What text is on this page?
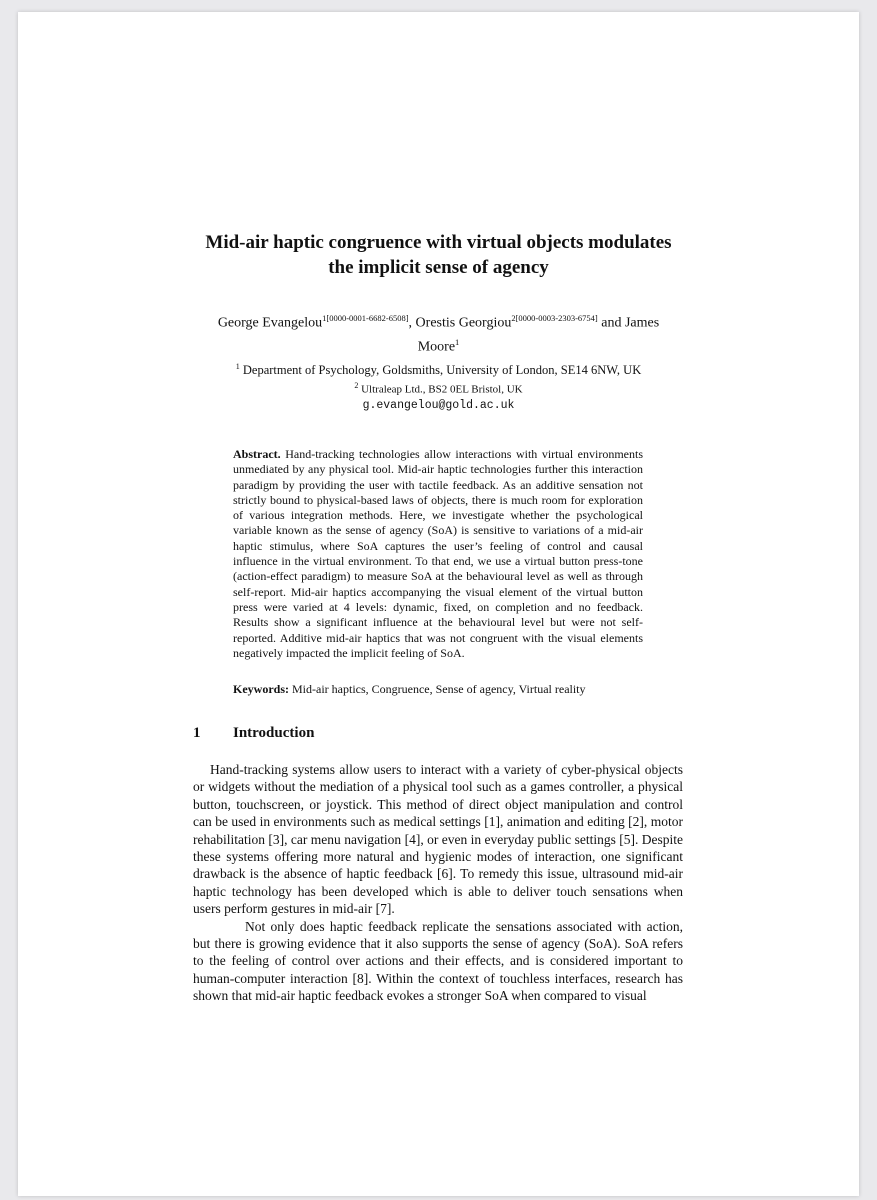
Mid-air haptic congruence with virtual objects modulates
the implicit sense of agency
George Evangelou$^{1[0000-0001-6682-6508]}$, Orestis Georgiou$^{2[0000-0003-2303-6754]}$ and James
Moore$^1$
$^1$ Department of Psychology, Goldsmiths, University of London, SE14 6NW, UK
$^2$ Ultraleap Ltd., BS2 0EL Bristol, UK
g.evangelou@gold.ac.uk
Abstract. Hand-tracking technologies allow interactions with virtual environments unmediated by any physical tool. Mid-air haptic technologies further this interaction paradigm by providing the user with tactile feedback. As an additive sensation not strictly bound to physical-based laws of objects, there is much room for exploration of various integration methods. Here, we investigate whether the psychological variable known as the sense of agency (SoA) is sensitive to variations of a mid-air haptic stimulus, where SoA captures the user’s feeling of control and causal influence in the virtual environment. To that end, we use a virtual button press-tone (action-effect paradigm) to measure SoA at the behavioural level as well as through self-report. Mid-air haptics accompanying the visual element of the virtual button press were varied at 4 levels: dynamic, fixed, on completion and no feedback. Results show a significant influence at the behavioural level but were not self-reported. Additive mid-air haptics that was not congruent with the visual elements negatively impacted the implicit feeling of SoA.
Keywords: Mid-air haptics, Congruence, Sense of agency, Virtual reality
1 Introduction

Hand-tracking systems allow users to interact with a variety of cyber-physical objects or widgets without the mediation of a physical tool such as a games controller, a physical button, touchscreen, or joystick. This method of direct object manipulation and control can be used in environments such as medical settings [1], animation and editing [2], motor rehabilitation [3], car menu navigation [4], or even in everyday public settings [5]. Despite these systems offering more natural and hygienic modes of interaction, one significant drawback is the absence of haptic feedback [6]. To remedy this issue, ultrasound mid-air haptic technology has been developed which is able to deliver touch sensations when users perform gestures in mid-air [7].

Not only does haptic feedback replicate the sensations associated with action, but there is growing evidence that it also supports the sense of agency (SoA). SoA refers to the feeling of control over actions and their effects, and is considered important to human-computer interaction [8]. Within the context of touchless interfaces, research has shown that mid-air haptic feedback evokes a stronger SoA when compared to visual
